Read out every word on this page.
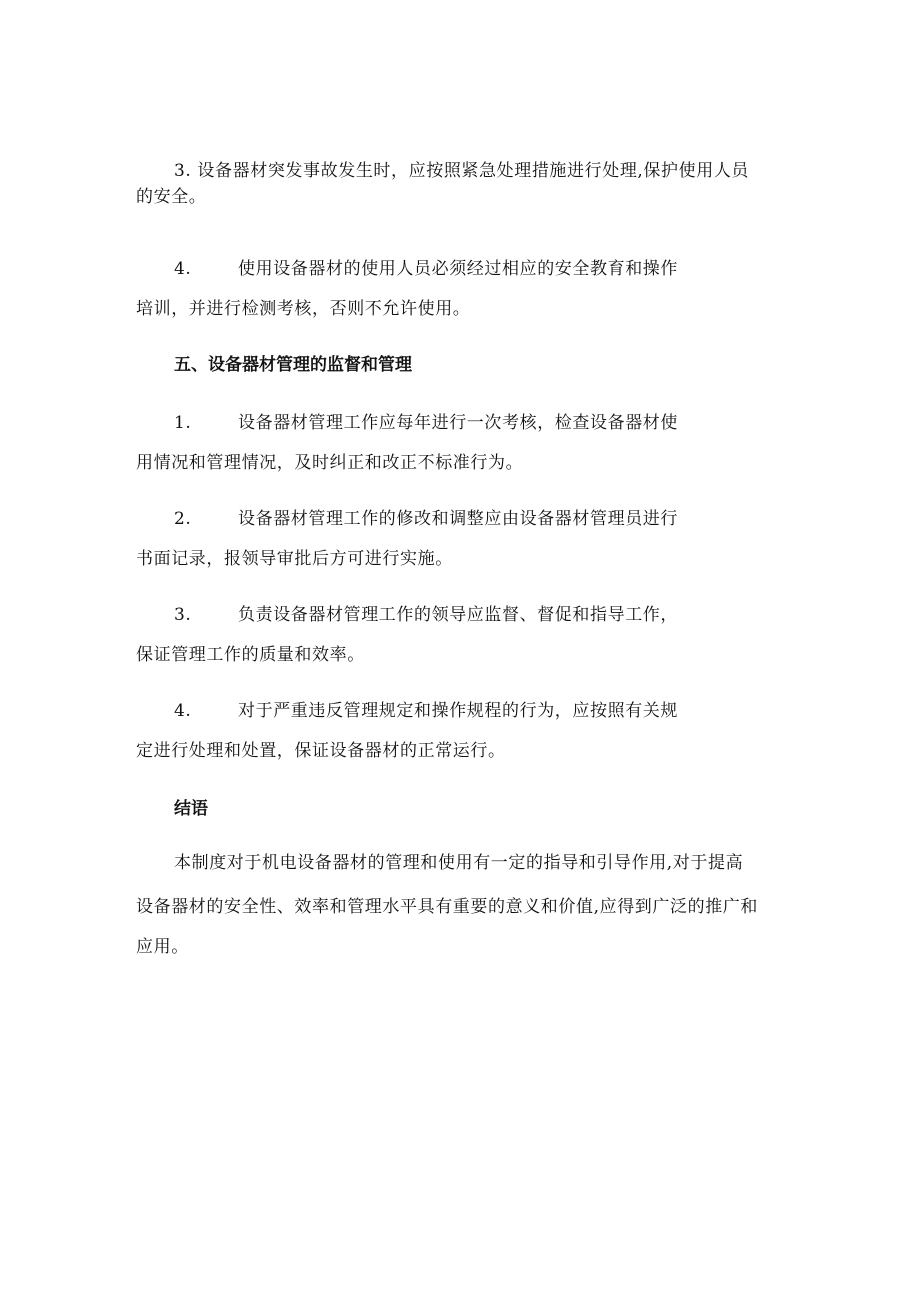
3. 设备器材突发事故发生时，应按照紧急处理措施进行处理,保护使用人员
的安全。
4.	使用设备器材的使用人员必须经过相应的安全教育和操作
培训，并进行检测考核，否则不允许使用。
五、设备器材管理的监督和管理
1.	设备器材管理工作应每年进行一次考核，检查设备器材使
用情况和管理情况，及时纠正和改正不标准行为。
2.	设备器材管理工作的修改和调整应由设备器材管理员进行
书面记录，报领导审批后方可进行实施。
3.	负责设备器材管理工作的领导应监督、督促和指导工作，
保证管理工作的质量和效率。
4.	对于严重违反管理规定和操作规程的行为，应按照有关规
定进行处理和处置，保证设备器材的正常运行。
结语
本制度对于机电设备器材的管理和使用有一定的指导和引导作用,对于提高
设备器材的安全性、效率和管理水平具有重要的意义和价值,应得到广泛的推广和
应用。
